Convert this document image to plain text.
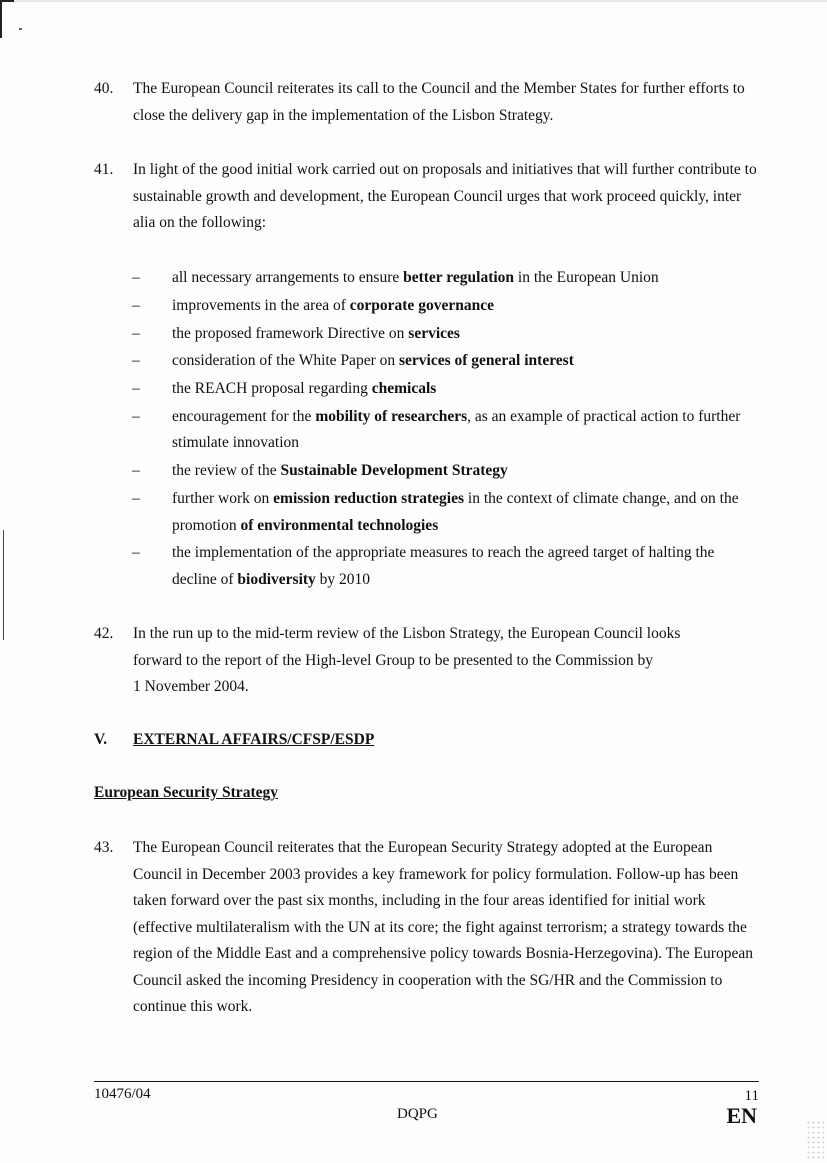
40. The European Council reiterates its call to the Council and the Member States for further efforts to close the delivery gap in the implementation of the Lisbon Strategy.
41. In light of the good initial work carried out on proposals and initiatives that will further contribute to sustainable growth and development, the European Council urges that work proceed quickly, inter alia on the following:
– all necessary arrangements to ensure better regulation in the European Union
– improvements in the area of corporate governance
– the proposed framework Directive on services
– consideration of the White Paper on services of general interest
– the REACH proposal regarding chemicals
– encouragement for the mobility of researchers, as an example of practical action to further stimulate innovation
– the review of the Sustainable Development Strategy
– further work on emission reduction strategies in the context of climate change, and on the promotion of environmental technologies
– the implementation of the appropriate measures to reach the agreed target of halting the decline of biodiversity by 2010
42. In the run up to the mid-term review of the Lisbon Strategy, the European Council looks
forward to the report of the High-level Group to be presented to the Commission by
1 November 2004.
V. EXTERNAL AFFAIRS/CFSP/ESDP
European Security Strategy
43. The European Council reiterates that the European Security Strategy adopted at the European Council in December 2003 provides a key framework for policy formulation. Follow-up has been taken forward over the past six months, including in the four areas identified for initial work (effective multilateralism with the UN at its core; the fight against terrorism; a strategy towards the region of the Middle East and a comprehensive policy towards Bosnia-Herzegovina). The European Council asked the incoming Presidency in cooperation with the SG/HR and the Commission to continue this work.
10476/04	11
DQPG	EN
